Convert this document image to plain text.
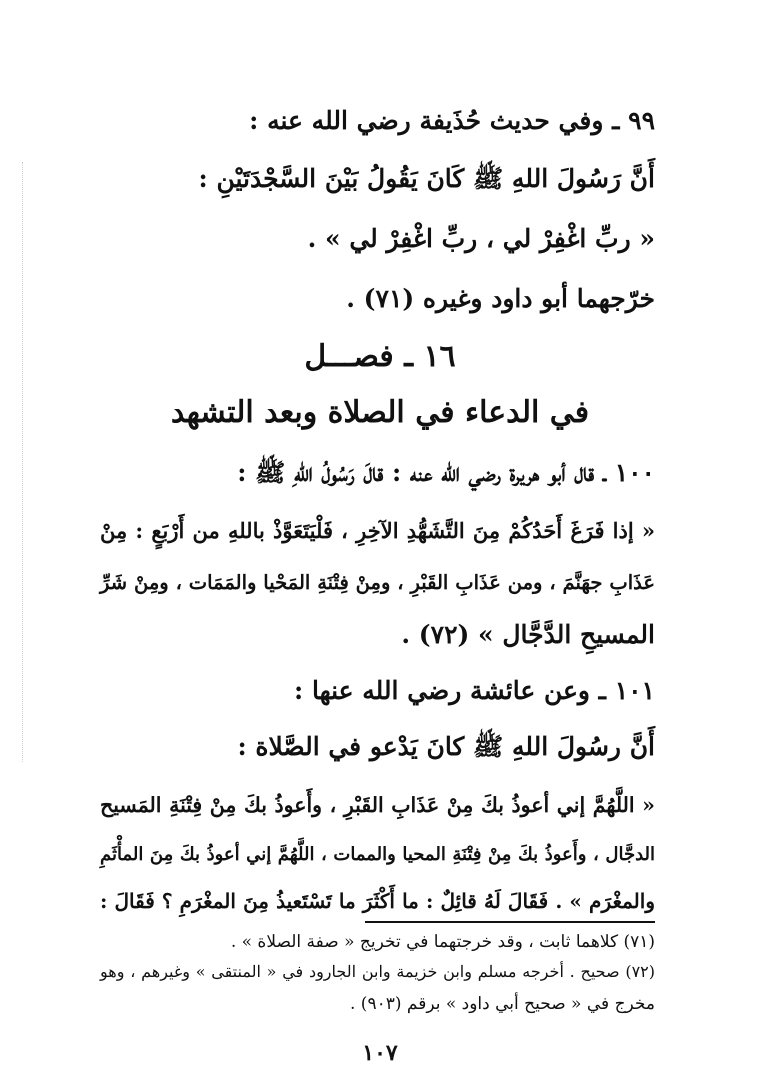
٩٩ ـ وفي حديث حُذَيفة رضي الله عنه :
أَنَّ رَسُولَ اللهِ ﷺ كَانَ يَقُولُ بَيْنَ السَّجْدَتَيْنِ :
« ربِّ اغْفِرْ لي ، ربِّ اغْفِرْ لي » .
خرّجهما أبو داود وغيره (٧١) .
١٦ ـ فصـــل
في الدعاء في الصلاة وبعد التشهد
١٠٠ ـ قال أبو هريرة رضي الله عنه : قالَ رَسُولُ اللهِ ﷺ :
« إذا فَرَغَ أَحَدُكُمْ مِنَ التَّشَهُّدِ الآخِرِ ، فَلْيَتَعَوَّذْ باللهِ من أَرْبَعٍ : مِنْ
عَذَابِ جهَنَّمَ ، ومن عَذَابِ القَبْرِ ، ومِنْ فِتْنَةِ المَحْيا والمَمَات ، ومِنْ شَرِّ
المسيحِ الدَّجَّال » (٧٢) .
١٠١ ـ وعن عائشة رضي الله عنها :
أَنَّ رسُولَ اللهِ ﷺ كانَ يَدْعو في الصَّلاة :
« اللَّهُمَّ إني أعوذُ بكَ مِنْ عَذَابِ القَبْرِ ، وأَعوذُ بكَ مِنْ فِتْنَةِ المَسيح
الدجَّال ، وأَعوذُ بكَ مِنْ فِتْنَةِ المحيا والممات ، اللَّهُمَّ إني أعوذُ بكَ مِنَ المأْثَمِ
والمغْرَم » . فَقَالَ لَهُ قائِلٌ : ما أَكْثَرَ ما تَسْتَعيذُ مِنَ المغْرَمِ ؟ فَقَالَ :
(٧١) كلاهما ثابت ، وقد خرجتهما في تخريج « صفة الصلاة » .
(٧٢) صحيح . أخرجه مسلم وابن خزيمة وابن الجارود في « المنتقى » وغيرهم ، وهو
مخرج في « صحيح أبي داود » برقم (٩٠٣) .
١٠٧
